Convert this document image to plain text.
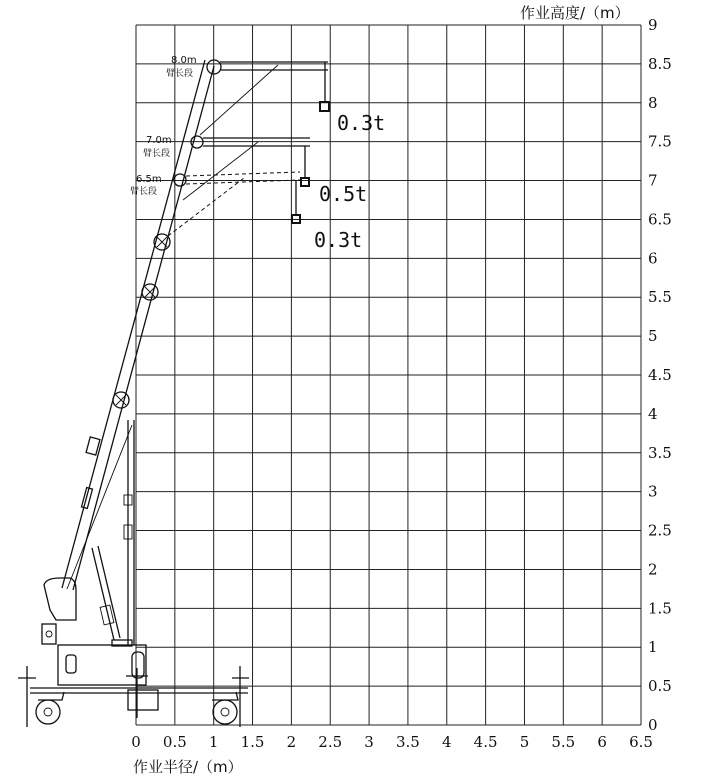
0 0.5 1 1.5 2 2.5 3 3.5 4 4.5 5 5.5 6 6.5
0
0.5
1
1.5
2
2.5
3
3.5
4
4.5
5
5.5
6
6.5
7
7.5
8
8.5
9
作业半径/（m）
作业高度/（m）
8.0m
臂长段
7.0m
臂长段
6.5m
臂长段
0.3t
0.5t
0.3t
